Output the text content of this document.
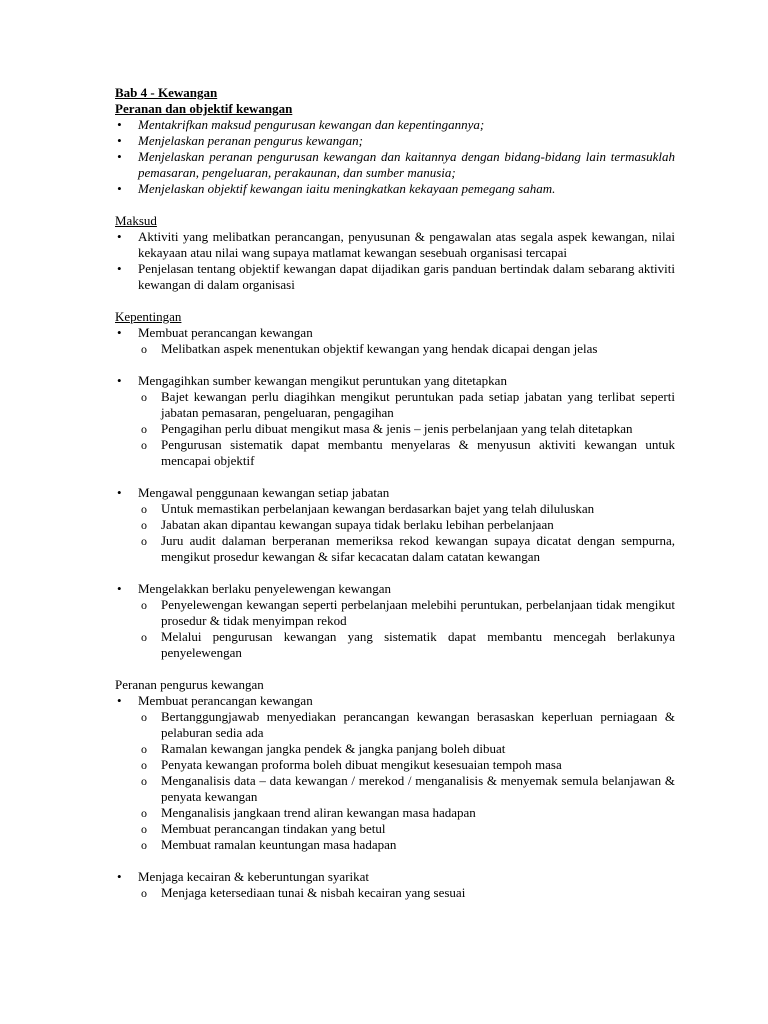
Bab 4 - Kewangan
Peranan dan objektif kewangan
• Mentakrifkan maksud pengurusan kewangan dan kepentingannya;
• Menjelaskan peranan pengurus kewangan;
• Menjelaskan peranan pengurusan kewangan dan kaitannya dengan bidang-bidang lain termasuklah pemasaran, pengeluaran, perakaunan, dan sumber manusia;
• Menjelaskan objektif kewangan iaitu meningkatkan kekayaan pemegang saham.
Maksud
• Aktiviti yang melibatkan perancangan, penyusunan & pengawalan atas segala aspek kewangan, nilai kekayaan atau nilai wang supaya matlamat kewangan sesebuah organisasi tercapai
• Penjelasan tentang objektif kewangan dapat dijadikan garis panduan bertindak dalam sebarang aktiviti kewangan di dalam organisasi
Kepentingan
• Membuat perancangan kewangan
o Melibatkan aspek menentukan objektif kewangan yang hendak dicapai dengan jelas
• Mengagihkan sumber kewangan mengikut peruntukan yang ditetapkan
o Bajet kewangan perlu diagihkan mengikut peruntukan pada setiap jabatan yang terlibat seperti jabatan pemasaran, pengeluaran, pengagihan
o Pengagihan perlu dibuat mengikut masa & jenis – jenis perbelanjaan yang telah ditetapkan
o Pengurusan sistematik dapat membantu menyelaras & menyusun aktiviti kewangan untuk mencapai objektif
• Mengawal penggunaan kewangan setiap jabatan
o Untuk memastikan perbelanjaan kewangan berdasarkan bajet yang telah diluluskan
o Jabatan akan dipantau kewangan supaya tidak berlaku lebihan perbelanjaan
o Juru audit dalaman berperanan memeriksa rekod kewangan supaya dicatat dengan sempurna, mengikut prosedur kewangan & sifar kecacatan dalam catatan kewangan
• Mengelakkan berlaku penyelewengan kewangan
o Penyelewengan kewangan seperti perbelanjaan melebihi peruntukan, perbelanjaan tidak mengikut prosedur & tidak menyimpan rekod
o Melalui pengurusan kewangan yang sistematik dapat membantu mencegah berlakunya penyelewengan
Peranan pengurus kewangan
• Membuat perancangan kewangan
o Bertanggungjawab menyediakan perancangan kewangan berasaskan keperluan perniagaan & pelaburan sedia ada
o Ramalan kewangan jangka pendek & jangka panjang boleh dibuat
o Penyata kewangan proforma boleh dibuat mengikut kesesuaian tempoh masa
o Menganalisis data – data kewangan / merekod / menganalisis & menyemak semula belanjawan & penyata kewangan
o Menganalisis jangkaan trend aliran kewangan masa hadapan
o Membuat perancangan tindakan yang betul
o Membuat ramalan keuntungan masa hadapan
• Menjaga kecairan & keberuntungan syarikat
o Menjaga ketersediaan tunai & nisbah kecairan yang sesuai
